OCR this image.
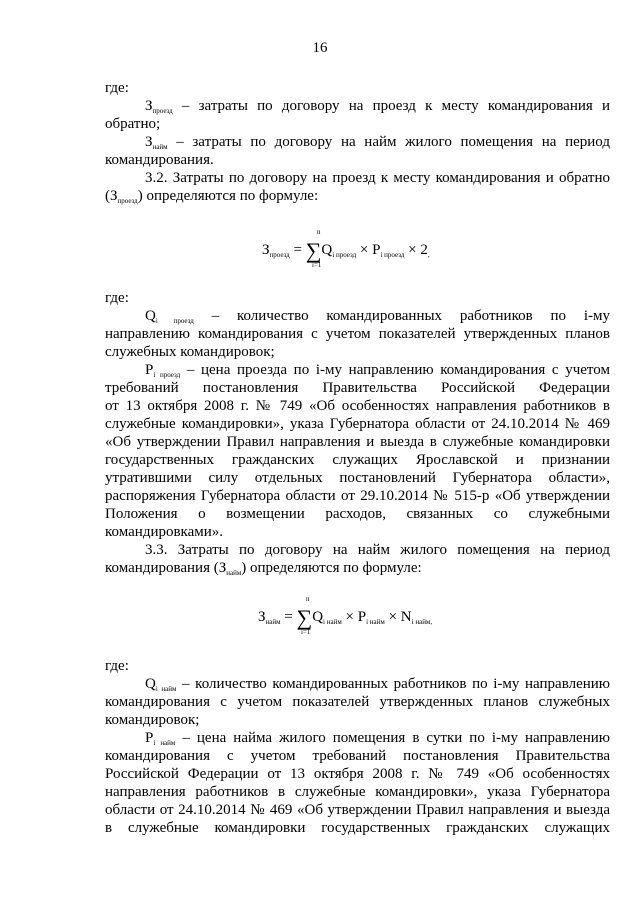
16
где:
$З_{проезд}$ – затраты по договору на проезд к месту командирования и
обратно;
$З_{найм}$ – затраты по договору на найм жилого помещения на период
командирования.
3.2. Затраты по договору на проезд к месту командирования и обратно
$(З_{проезд})$ определяются по формуле:
$З_{проезд} = \sum Q_{i проезд} \times P_{i проезд} \times 2_,$
n
i=1
где:
$Q_{i проезд}$ – количество командированных работников по i-му
направлению командирования с учетом показателей утвержденных планов
служебных командировок;
$P_{i проезд}$ – цена проезда по i-му направлению командирования с учетом
требований постановления Правительства Российской Федерации
от 13 октября 2008 г. № 749 «Об особенностях направления работников в
служебные командировки», указа Губернатора области от 24.10.2014 № 469
«Об утверждении Правил направления и выезда в служебные командировки
государственных гражданских служащих Ярославской и признании
утратившими силу отдельных постановлений Губернатора области»,
распоряжения Губернатора области от 29.10.2014 № 515-р «Об утверждении
Положения о возмещении расходов, связанных со служебными
командировками».
3.3. Затраты по договору на найм жилого помещения на период
командирования $(З_{найм})$ определяются по формуле:
$З_{найм} = \sum Q_{i найм} \times P_{i найм} \times N_{i найм,}$
n
i=1
где:
$Q_{i найм}$ – количество командированных работников по i-му направлению
командирования с учетом показателей утвержденных планов служебных
командировок;
$P_{i найм}$ – цена найма жилого помещения в сутки по i-му направлению
командирования с учетом требований постановления Правительства
Российской Федерации от 13 октября 2008 г. № 749 «Об особенностях
направления работников в служебные командировки», указа Губернатора
области от 24.10.2014 № 469 «Об утверждении Правил направления и выезда
в служебные командировки государственных гражданских служащих
